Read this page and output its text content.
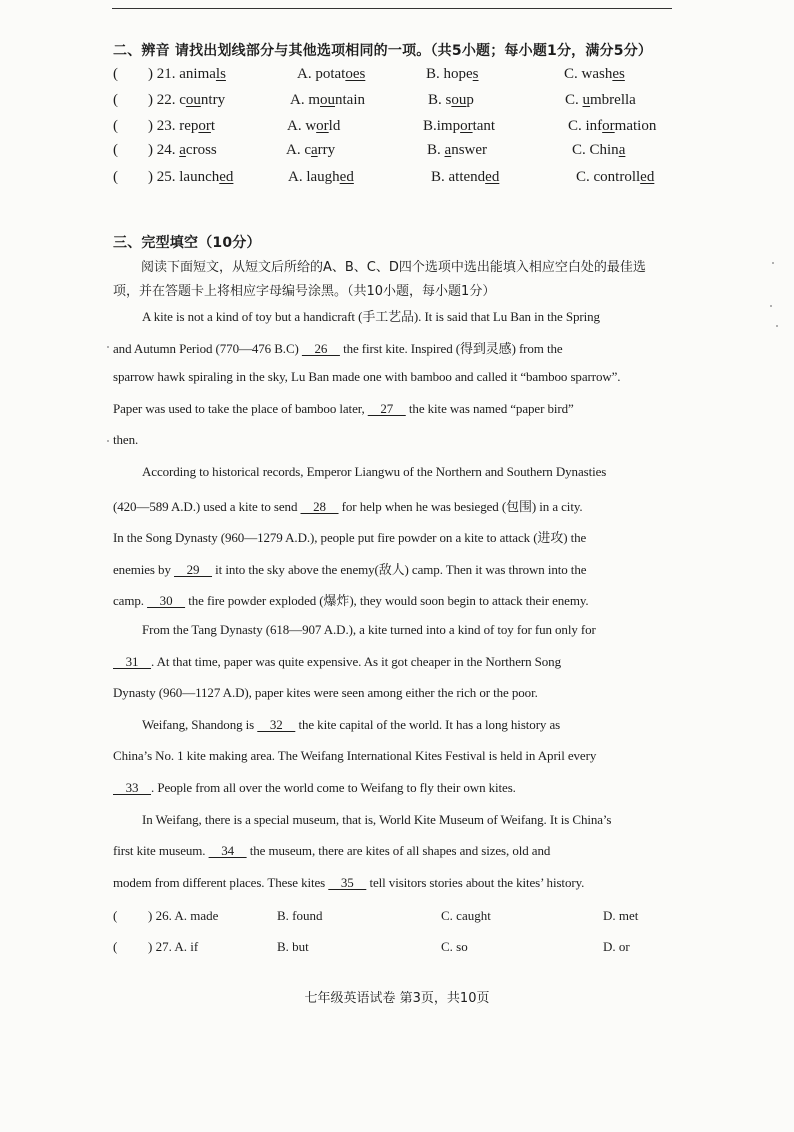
二、辨音 请找出划线部分与其他选项相同的一项。（共5小题；每小题1分，满分5分）
( ) 21. animals	A. potatoes	B. hopes	C. washes
( ) 22. country	A. mountain	B. soup	C. umbrella
( ) 23. report	A. world	B.important	C. information
( ) 24. across	A. carry	B. answer	C. China
( ) 25. launched	A. laughed	B. attended	C. controlled
三、完型填空（10分）
阅读下面短文，从短文后所给的A、B、C、D四个选项中选出能填入相应空白处的最佳选项，并在答题卡上将相应字母编号涂黑。（共10小题，每小题1分）
A kite is not a kind of toy but a handicraft (手工艺品). It is said that Lu Ban in the Spring
and Autumn Period (770—476 B.C)     26     the first kite. Inspired (得到灵感) from the
sparrow hawk spiraling in the sky, Lu Ban made one with bamboo and called it “bamboo sparrow”.
Paper was used to take the place of bamboo later,     27     the kite was named “paper bird”
then.
According to historical records, Emperor Liangwu of the Northern and Southern Dynasties
(420—589 A.D.) used a kite to send     28     for help when he was besieged (包围) in a city.
In the Song Dynasty (960—1279 A.D.), people put fire powder on a kite to attack (进攻) the
enemies by     29     it into the sky above the enemy(敌人) camp. Then it was thrown into the
camp.     30     the fire powder exploded (爆炸), they would soon begin to attack their enemy.
From the Tang Dynasty (618—907 A.D.), a kite turned into a kind of toy for fun only for
31    . At that time, paper was quite expensive. As it got cheaper in the Northern Song
Dynasty (960—1127 A.D), paper kites were seen among either the rich or the poor.
Weifang, Shandong is     32     the kite capital of the world. It has a long history as
China’s No. 1 kite making area. The Weifang International Kites Festival is held in April every
33    . People from all over the world come to Weifang to fly their own kites.
In Weifang, there is a special museum, that is, World Kite Museum of Weifang. It is China’s
first kite museum.     34     the museum, there are kites of all shapes and sizes, old and
modem from different places. These kites     35     tell visitors stories about the kites’ history.
( ) 26. A. made	B. found	C. caught	D. met
( ) 27. A. if	B. but	C. so	D. or
七年级英语试卷 第3页，共10页
